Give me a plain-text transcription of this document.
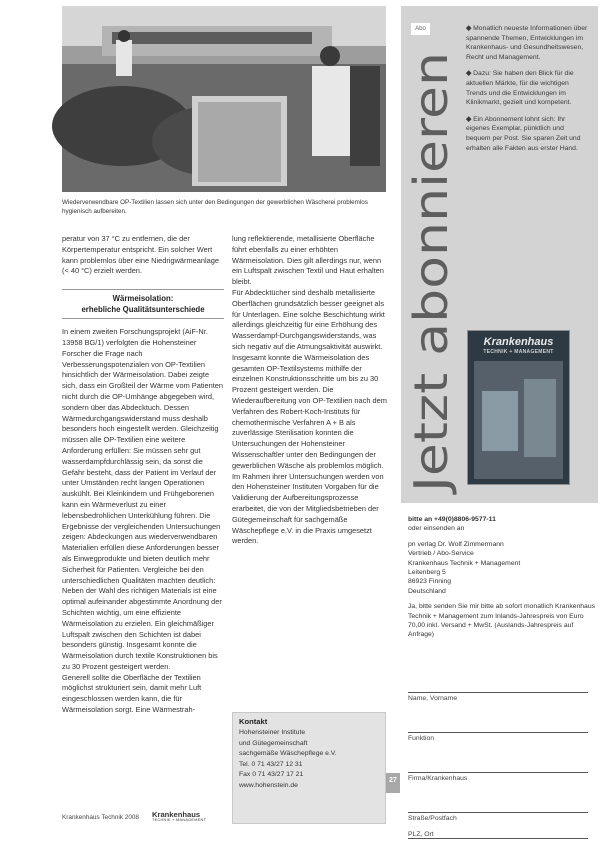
Wiederverwendbare OP-Textilien lassen sich unter den Bedingungen der gewerblichen Wäscherei problemlos hygienisch aufbereiten.

peratur von 37 °C zu entfernen, die der Körpertemperatur entspricht. Ein solcher Wert kann problemlos über eine Niedrigwärmeanlage (< 40 °C) erzielt werden.

Wärmeisolation:
erhebliche Qualitätsunterschiede

In einem zweiten Forschungsprojekt (AiF-Nr. 13958 BG/1) verfolgten die Hohensteiner Forscher die Frage nach Verbesserungspotenzialen von OP-Textilien hinsichtlich der Wärmeisolation. Dabei zeigte sich, dass ein Großteil der Wärme vom Patienten nicht durch die OP-Umhänge abgegeben wird, sondern über das Abdecktuch. Dessen Wärmedurchgangswiderstand muss deshalb besonders hoch eingestellt werden. Gleichzeitig müssen alle OP-Textilien eine weitere Anforderung erfüllen: Sie müssen sehr gut wasserdampfdurchlässig sein, da sonst die Gefahr besteht, dass der Patient im Verlauf der unter Umständen recht langen Operationen auskühlt. Bei Kleinkindern und Frühgeborenen kann ein Wärmeverlust zu einer lebensbedrohlichen Unterkühlung führen. Die Ergebnisse der vergleichenden Untersuchungen zeigen: Abdeckungen aus wiederverwendbaren Materialien erfüllen diese Anforderungen besser als Einwegprodukte und bieten deutlich mehr Sicherheit für Patienten. Vergleiche bei den unterschiedlichen Qualitäten machten deutlich: Neben der Wahl des richtigen Materials ist eine optimal aufeinander abgestimmte Anordnung der Schichten wichtig, um eine effiziente Wärmeisolation zu erzielen. Ein gleichmäßiger Luftspalt zwischen den Schichten ist dabei besonders günstig. Insgesamt konnte die Wärmeisolation durch textile Konstruktionen bis zu 30 Prozent gesteigert werden.

Generell sollte die Oberfläche der Textilien möglichst strukturiert sein, damit mehr Luft eingeschlossen werden kann, die für Wärmeisolation sorgt. Eine Wärmestrah-

lung reflektierende, metallisierte Oberfläche führt ebenfalls zu einer erhöhten Wärmeisolation. Dies gilt allerdings nur, wenn ein Luftspalt zwischen Textil und Haut erhalten bleibt.

Für Abdecktücher sind deshalb metallisierte Oberflächen grundsätzlich besser geeignet als für Unterlagen. Eine solche Beschichtung wirkt allerdings gleichzeitig für eine Erhöhung des Wasserdampf-Durchgangswiderstands, was sich negativ auf die Atmungsaktivität auswirkt. Insgesamt konnte die Wärmeisolation des gesamten OP-Textilsystems mithilfe der einzelnen Konstruktionsschritte um bis zu 30 Prozent gesteigert werden. Die Wiederaufbereitung von OP-Textilien nach dem Verfahren des Robert-Koch-Instituts für chemothermische Verfahren A + B als zuverlässige Sterilisation konnten die Untersuchungen der Hohensteiner Wissenschaftler unter den Bedingungen der gewerblichen Wäsche als problemlos möglich. Im Rahmen ihrer Untersuchungen werden von den Hohensteiner Instituten Vorgaben für die Validierung der Aufbereitungsprozesse erarbeitet, die von der Mitgliedsbetrieben der Gütegemeinschaft für sachgemäße Wäschepflege e.V. in die Praxis umgesetzt werden.

Kontakt
Hohensteiner Institute
und Gütegemeinschaft
sachgemäße Wäschepflege e.V.
Tel. 0 71 43/27 12 31
Fax 0 71 43/27 17 21
www.hohenstein.de
Krankenhaus Technik 2008 Krankenhaus
TECHNIK + MANAGEMENT
27
Abo
Jetzt abonnieren

◆ Monatlich neueste Informationen über spannende Themen, Entwicklungen im Krankenhaus- und Gesundheitswesen, Recht und Management.

◆ Dazu: Sie haben den Blick für die aktuellen Märkte, für die wichtigen Trends und die Entwicklungen im Klinikmarkt, gezielt und kompetent.

◆ Ein Abonnement lohnt sich: Ihr eigenes Exemplar, pünktlich und bequem per Post. Sie sparen Zeit und erhalten alle Fakten aus erster Hand.

Krankenhaus
TECHNIK + MANAGEMENT

bitte an +49(0)8806-9577-11

oder einsenden an

pn verlag Dr. Wolf Zimmermann

Vertrieb / Abo-Service

Krankenhaus Technik + Management

Leitenberg 5

86923 Finning

Deutschland

Ja, bitte senden Sie mir bitte ab sofort monatlich Krankenhaus Technik + Management zum Inlands-Jahrespreis von Euro 70,00 inkl. Versand + MwSt. (Auslands-Jahrespreis auf Anfrage)

Name, Vorname
Funktion
Firma/Krankenhaus
Straße/Postfach
PLZ, Ort
